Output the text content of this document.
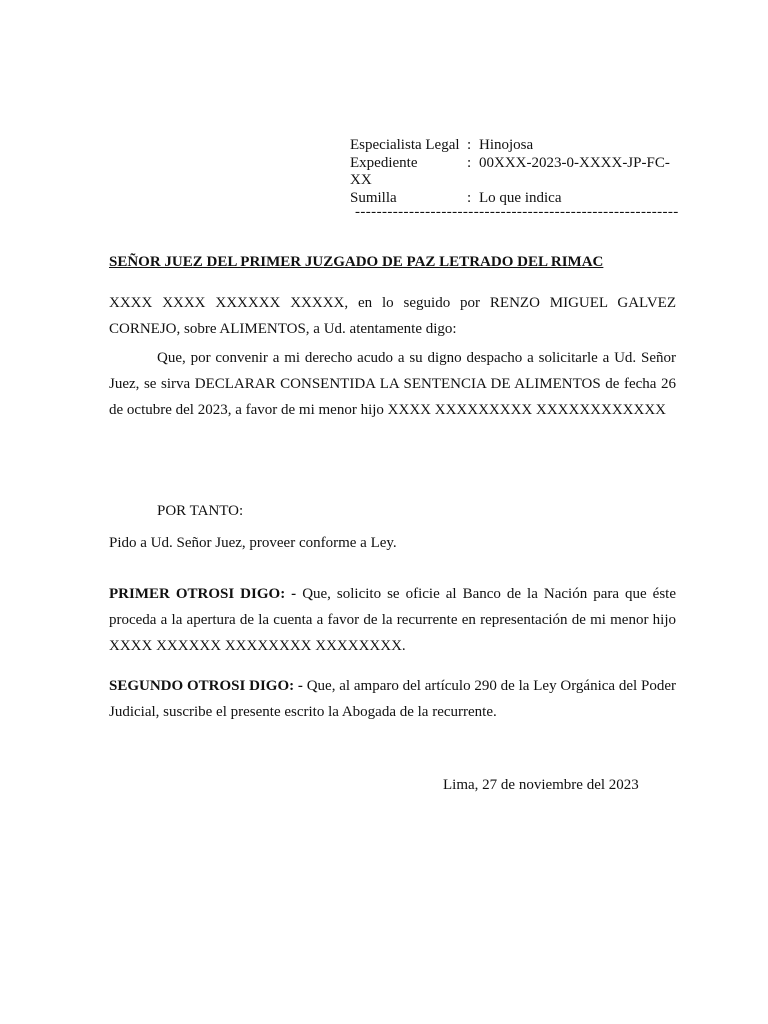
Especialista Legal : Hinojosa
Expediente	: 00XXX-2023-0-XXXX-JP-FC-
XX
Sumilla	: Lo que indica
------------------------------------------------------------
SEÑOR JUEZ DEL PRIMER JUZGADO DE PAZ LETRADO DEL RIMAC

XXXX XXXX XXXXXX XXXXX, en lo seguido por RENZO MIGUEL GALVEZ CORNEJO, sobre ALIMENTOS, a Ud. atentamente digo:

Que, por convenir a mi derecho acudo a su digno despacho a solicitarle a Ud. Señor Juez, se sirva DECLARAR CONSENTIDA LA SENTENCIA DE ALIMENTOS de fecha 26 de octubre del 2023, a favor de mi menor hijo XXXX XXXXXXXXX XXXXXXXXXXXX

POR TANTO:
Pido a Ud. Señor Juez, proveer conforme a Ley.

PRIMER OTROSI DIGO: - Que, solicito se oficie al Banco de la Nación para que éste proceda a la apertura de la cuenta a favor de la recurrente en representación de mi menor hijo XXXX XXXXXX XXXXXXXX XXXXXXXX.

SEGUNDO OTROSI DIGO: - Que, al amparo del artículo 290 de la Ley Orgánica del Poder Judicial, suscribe el presente escrito la Abogada de la recurrente.

Lima, 27 de noviembre del 2023
